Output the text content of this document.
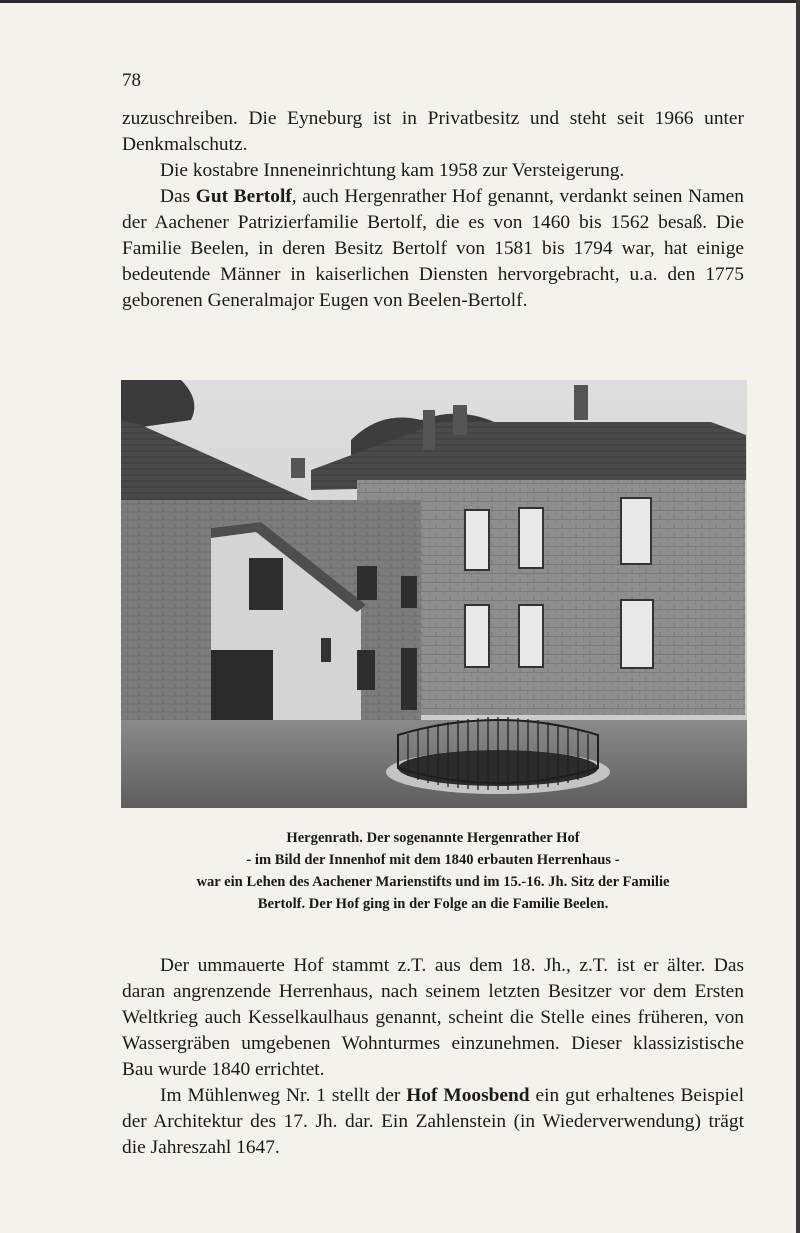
78

zuzuschreiben. Die Eyneburg ist in Privatbesitz und steht seit 1966 unter Denkmalschutz.

Die kostabre Inneneinrichtung kam 1958 zur Versteigerung.

Das Gut Bertolf, auch Hergenrather Hof genannt, verdankt seinen Namen der Aachener Patrizierfamilie Bertolf, die es von 1460 bis 1562 besaß. Die Familie Beelen, in deren Besitz Bertolf von 1581 bis 1794 war, hat einige bedeutende Männer in kaiserlichen Diensten hervorgebracht, u.a. den 1775 geborenen Generalmajor Eugen von Beelen-Bertolf.

Hergenrath. Der sogenannte Hergenrather Hof
- im Bild der Innenhof mit dem 1840 erbauten Herrenhaus -
war ein Lehen des Aachener Marienstifts und im 15.-16. Jh. Sitz der Familie
Bertolf. Der Hof ging in der Folge an die Familie Beelen.

Der ummauerte Hof stammt z.T. aus dem 18. Jh., z.T. ist er älter. Das daran angrenzende Herrenhaus, nach seinem letzten Besitzer vor dem Ersten Weltkrieg auch Kesselkaulhaus genannt, scheint die Stelle eines früheren, von Wassergräben umgebenen Wohnturmes einzunehmen. Dieser klassizistische Bau wurde 1840 errichtet.

Im Mühlenweg Nr. 1 stellt der Hof Moosbend ein gut erhaltenes Beispiel der Architektur des 17. Jh. dar. Ein Zahlenstein (in Wiederverwendung) trägt die Jahreszahl 1647.
